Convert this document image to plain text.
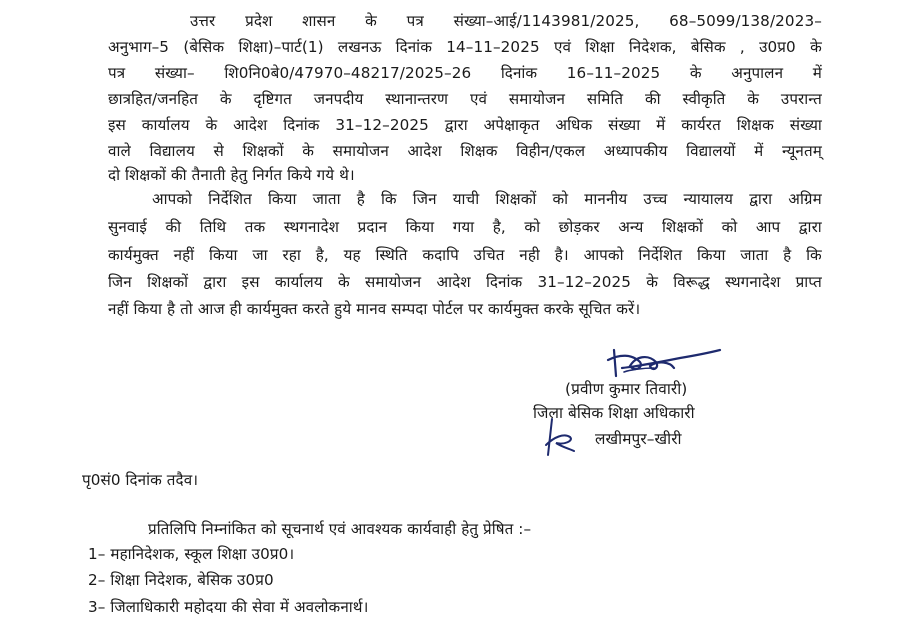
उत्तर प्रदेश शासन के पत्र संख्या–आई/1143981/2025, 68–5099/138/2023–
अनुभाग–5 (बेसिक शिक्षा)–पार्ट(1) लखनऊ दिनांक 14–11–2025 एवं शिक्षा निदेशक, बेसिक , उ0प्र0 के
पत्र संख्या– शि0नि0बे0/47970–48217/2025–26 दिनांक 16–11–2025 के अनुपालन में
छात्रहित/जनहित के दृष्टिगत जनपदीय स्थानान्तरण एवं समायोजन समिति की स्वीकृति के उपरान्त
इस कार्यालय के आदेश दिनांक 31–12–2025 द्वारा अपेक्षाकृत अधिक संख्या में कार्यरत शिक्षक संख्या
वाले विद्यालय से शिक्षकों के समायोजन आदेश शिक्षक विहीन/एकल अध्यापकीय विद्यालयों में न्यूनतम्
दो शिक्षकों की तैनाती हेतु निर्गत किये गये थे।
आपको निर्देशित किया जाता है कि जिन याची शिक्षकों को माननीय उच्च न्यायालय द्वारा अग्रिम
सुनवाई की तिथि तक स्थगनादेश प्रदान किया गया है, को छोड़कर अन्य शिक्षकों को आप द्वारा
कार्यमुक्त नहीं किया जा रहा है, यह स्थिति कदापि उचित नही है। आपको निर्देशित किया जाता है कि
जिन शिक्षकों द्वारा इस कार्यालय के समायोजन आदेश दिनांक 31–12–2025 के विरूद्ध स्थगनादेश प्राप्त
नहीं किया है तो आज ही कार्यमुक्त करते हुये मानव सम्पदा पोर्टल पर कार्यमुक्त करके सूचित करें।
(प्रवीण कुमार तिवारी)
जिला बेसिक शिक्षा अधिकारी
लखीमपुर–खीरी
पृ0सं0 दिनांक तदैव।
प्रतिलिपि निम्नांकित को सूचनार्थ एवं आवश्यक कार्यवाही हेतु प्रेषित :–
1– महानिदेशक, स्कूल शिक्षा उ0प्र0।
2– शिक्षा निदेशक, बेसिक उ0प्र0
3– जिलाधिकारी महोदया की सेवा में अवलोकनार्थ।
